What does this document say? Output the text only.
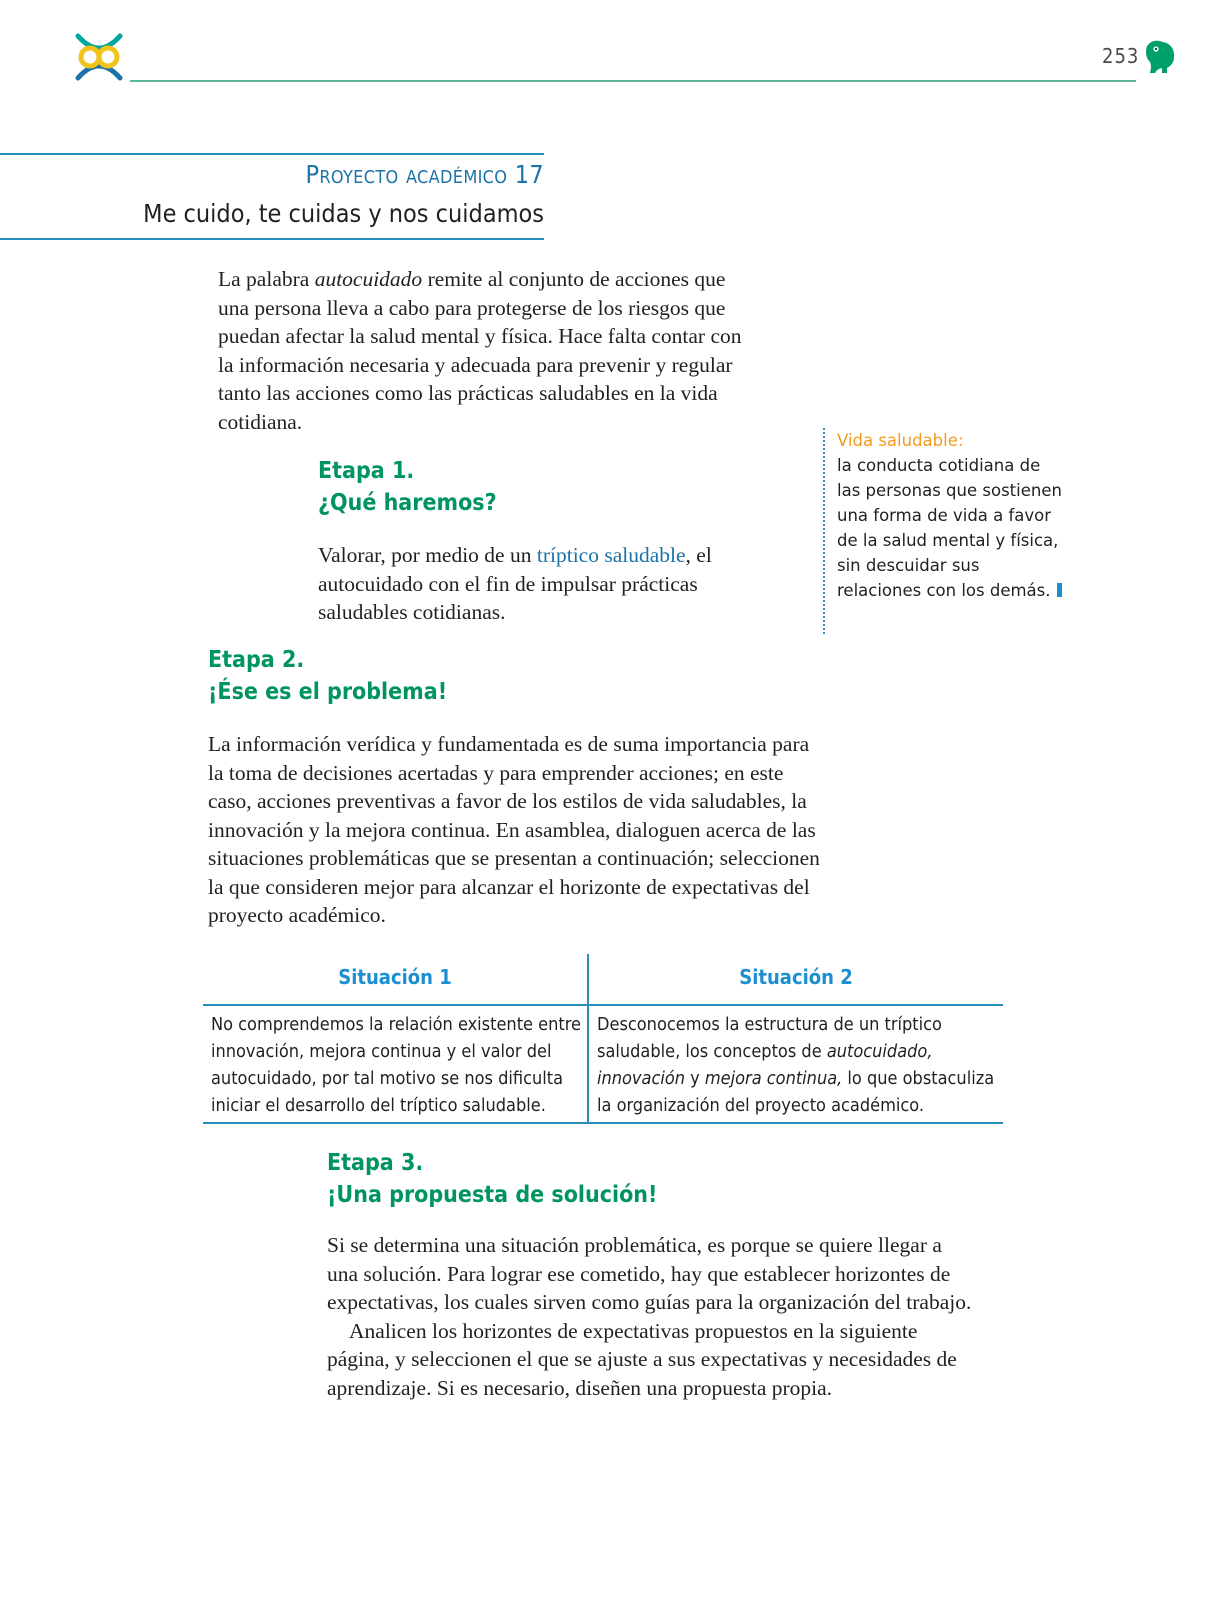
253
Proyecto académico 17
Me cuido, te cuidas y nos cuidamos

La palabra autocuidado remite al conjunto de acciones que una persona lleva a cabo para protegerse de los riesgos que puedan afectar la salud mental y física. Hace falta contar con la información necesaria y adecuada para prevenir y regular tanto las acciones como las prácticas saludables en la vida cotidiana.

Etapa 1.
¿Qué haremos?

Valorar, por medio de un tríptico saludable, el autocuidado con el fin de impulsar prácticas saludables cotidianas.

Vida saludable:
la conducta cotidiana de las personas que sostienen una forma de vida a favor de la salud mental y física, sin descuidar sus relaciones con los demás.
Etapa 2.
¡Ése es el problema!

La información verídica y fundamentada es de suma importancia para la toma de decisiones acertadas y para emprender acciones; en este caso, acciones preventivas a favor de los estilos de vida saludables, la innovación y la mejora continua. En asamblea, dialoguen acerca de las situaciones problemáticas que se presentan a continuación; seleccionen la que consideren mejor para alcanzar el horizonte de expectativas del proyecto académico.

Situación 1

No comprendemos la relación existente entre innovación, mejora continua y el valor del autocuidado, por tal motivo se nos dificulta iniciar el desarrollo del tríptico saludable.

Situación 2

Desconocemos la estructura de un tríptico saludable, los conceptos de autocuidado, innovación y mejora continua, lo que obstaculiza la organización del proyecto académico.

Etapa 3.
¡Una propuesta de solución!

Si se determina una situación problemática, es porque se quiere llegar a una solución. Para lograr ese cometido, hay que establecer horizontes de expectativas, los cuales sirven como guías para la organización del trabajo.

Analicen los horizontes de expectativas propuestos en la siguiente página, y seleccionen el que se ajuste a sus expectativas y necesidades de aprendizaje. Si es necesario, diseñen una propuesta propia.
